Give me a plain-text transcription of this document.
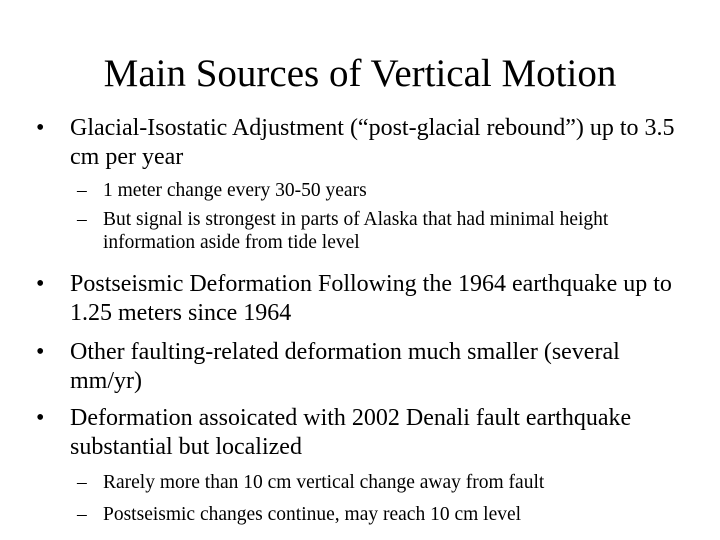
Main Sources of Vertical Motion
•	Glacial-Isostatic Adjustment (“post-glacial rebound”) up to 3.5 cm per year
– 1 meter change every 30-50 years
– But signal is strongest in parts of Alaska that had minimal height information aside from tide level
•	Postseismic Deformation Following the 1964 earthquake up to 1.25 meters since 1964
•	Other faulting-related deformation much smaller (several mm/yr)
•	Deformation assoicated with 2002 Denali fault earthquake substantial but localized
– Rarely more than 10 cm vertical change away from fault
– Postseismic changes continue, may reach 10 cm level
